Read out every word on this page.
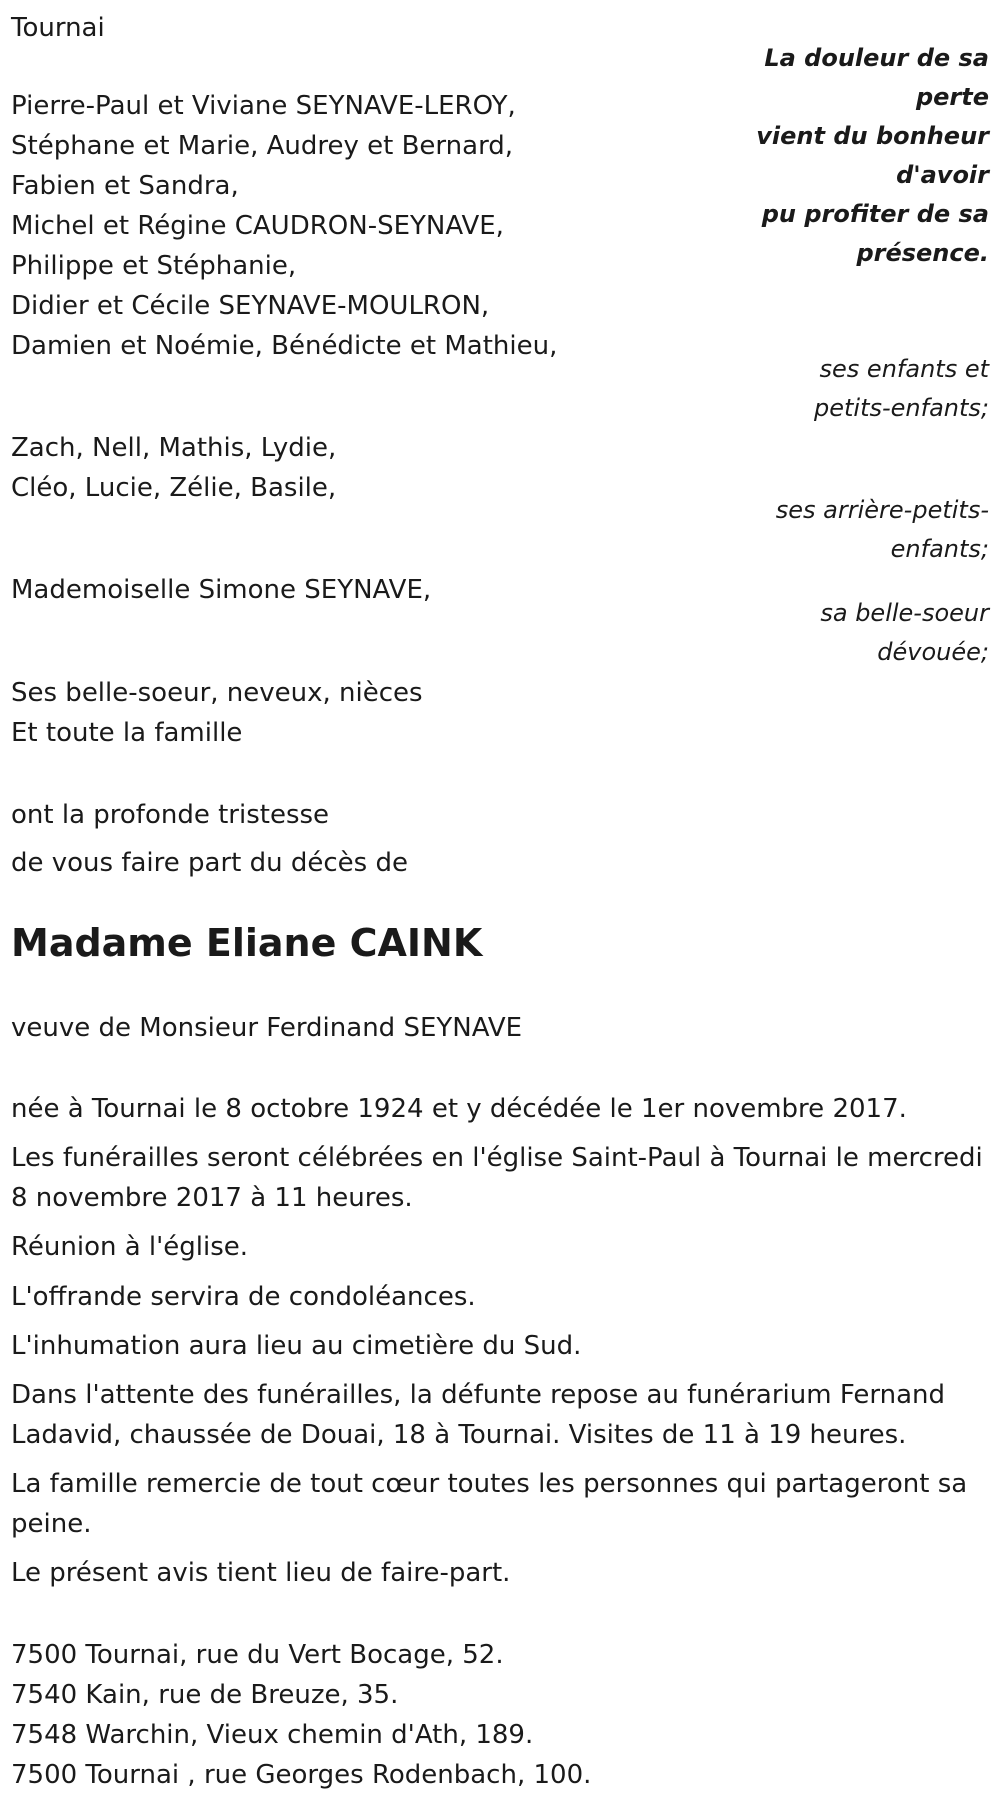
Tournai
Pierre-Paul et Viviane SEYNAVE-LEROY,
Stéphane et Marie, Audrey et Bernard,
Fabien et Sandra,
Michel et Régine CAUDRON-SEYNAVE,
Philippe et Stéphanie,
Didier et Cécile SEYNAVE-MOULRON,
Damien et Noémie, Bénédicte et Mathieu,
Zach, Nell, Mathis, Lydie,
Cléo, Lucie, Zélie, Basile,
Mademoiselle Simone SEYNAVE,
Ses belle-soeur, neveux, nièces
Et toute la famille
ont la profonde tristesse
de vous faire part du décès de
La douleur de sa
perte
vient du bonheur
d'avoir
pu profiter de sa
présence.
ses enfants et
petits-enfants;
ses arrière-petits-
enfants;
sa belle-soeur
dévouée;
Madame Eliane CAINK
veuve de Monsieur Ferdinand SEYNAVE
née à Tournai le 8 octobre 1924 et y décédée le 1er novembre 2017.
Les funérailles seront célébrées en l'église Saint-Paul à Tournai le mercredi 8 novembre 2017 à 11 heures.
Réunion à l'église.
L'offrande servira de condoléances.
L'inhumation aura lieu au cimetière du Sud.
Dans l'attente des funérailles, la défunte repose au funérarium Fernand Ladavid, chaussée de Douai, 18 à Tournai. Visites de 11 à 19 heures.
La famille remercie de tout cœur toutes les personnes qui partageront sa peine.
Le présent avis tient lieu de faire-part.
7500 Tournai, rue du Vert Bocage, 52.
7540 Kain, rue de Breuze, 35.
7548 Warchin, Vieux chemin d'Ath, 189.
7500 Tournai , rue Georges Rodenbach, 100.
